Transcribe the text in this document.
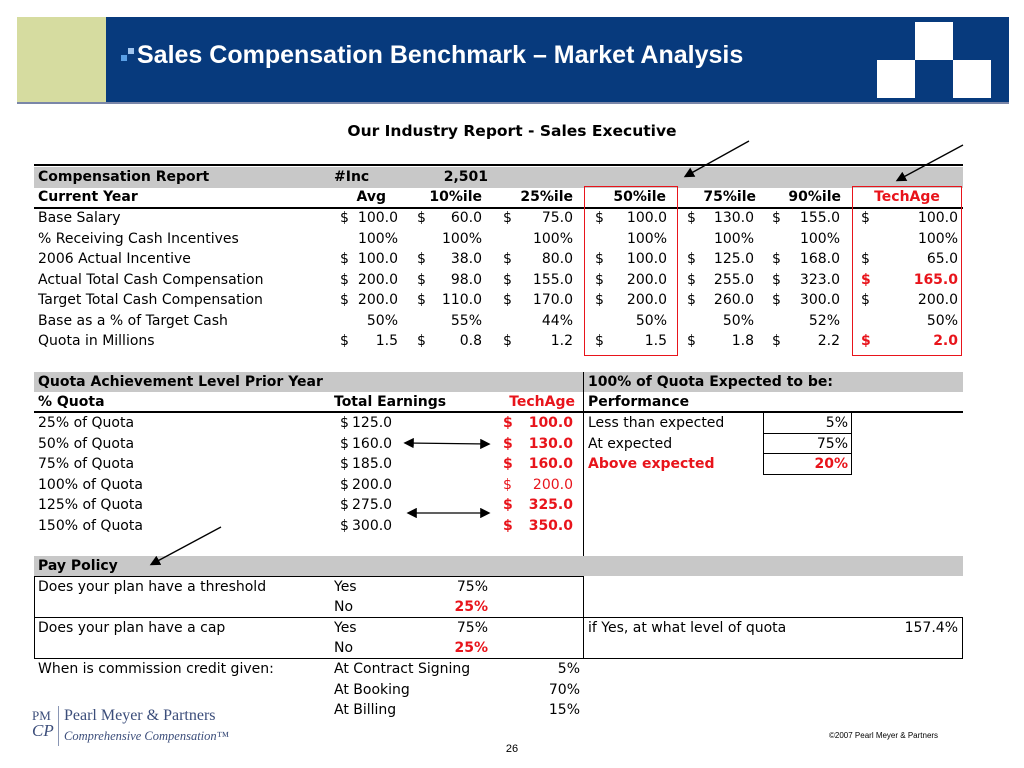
Sales Compensation Benchmark – Market Analysis
Our Industry Report - Sales Executive
Compensation Report	#Inc	2,501
Current Year	Avg	10%ile	25%ile	50%ile	75%ile	90%ile	TechAge
Base Salary	$ 100.0 $	60.0 $	75.0 $	100.0 $	130.0 $	155.0 $	100.0
% Receiving Cash Incentives	100%	100%	100%	100%	100%	100%	100%
2006 Actual Incentive	$ 100.0 $	38.0 $	80.0 $	100.0 $	125.0 $	168.0 $	65.0
Actual Total Cash Compensation	$ 200.0 $	98.0 $	155.0 $	200.0 $	255.0 $	323.0 $	165.0
Target Total Cash Compensation	$ 200.0 $	110.0 $	170.0 $	200.0 $	260.0 $	300.0 $	200.0
Base as a % of Target Cash	50%	55%	44%	50%	50%	52%	50%
Quota in Millions	$	1.5 $	0.8 $	1.2 $	1.5 $	1.8 $	2.2 $	2.0
Quota Achievement Level Prior Year	100% of Quota Expected to be:
% Quota	Total Earnings	TechAge Performance
25% of Quota	$ 125.0	$	100.0
50% of Quota	$ 160.0	$	130.0
75% of Quota	$ 185.0	$	160.0
100% of Quota	$ 200.0	$	200.0
125% of Quota	$ 275.0	$	325.0
150% of Quota	$ 300.0	$	350.0
Less than expected	5%
At expected	75%
Above expected	20%
Pay Policy
Does your plan have a threshold	Yes	75%
No	25%
Does your plan have a cap	Yes	75%
No	25%
if Yes, at what level of quota	157.4%
When is commission credit given:	At Contract Signing	5%
At Booking	70%
At Billing	15%
PM
CP
Pearl Meyer & Partners
Comprehensive Compensation™	©2007 Pearl Meyer & Partners
26
